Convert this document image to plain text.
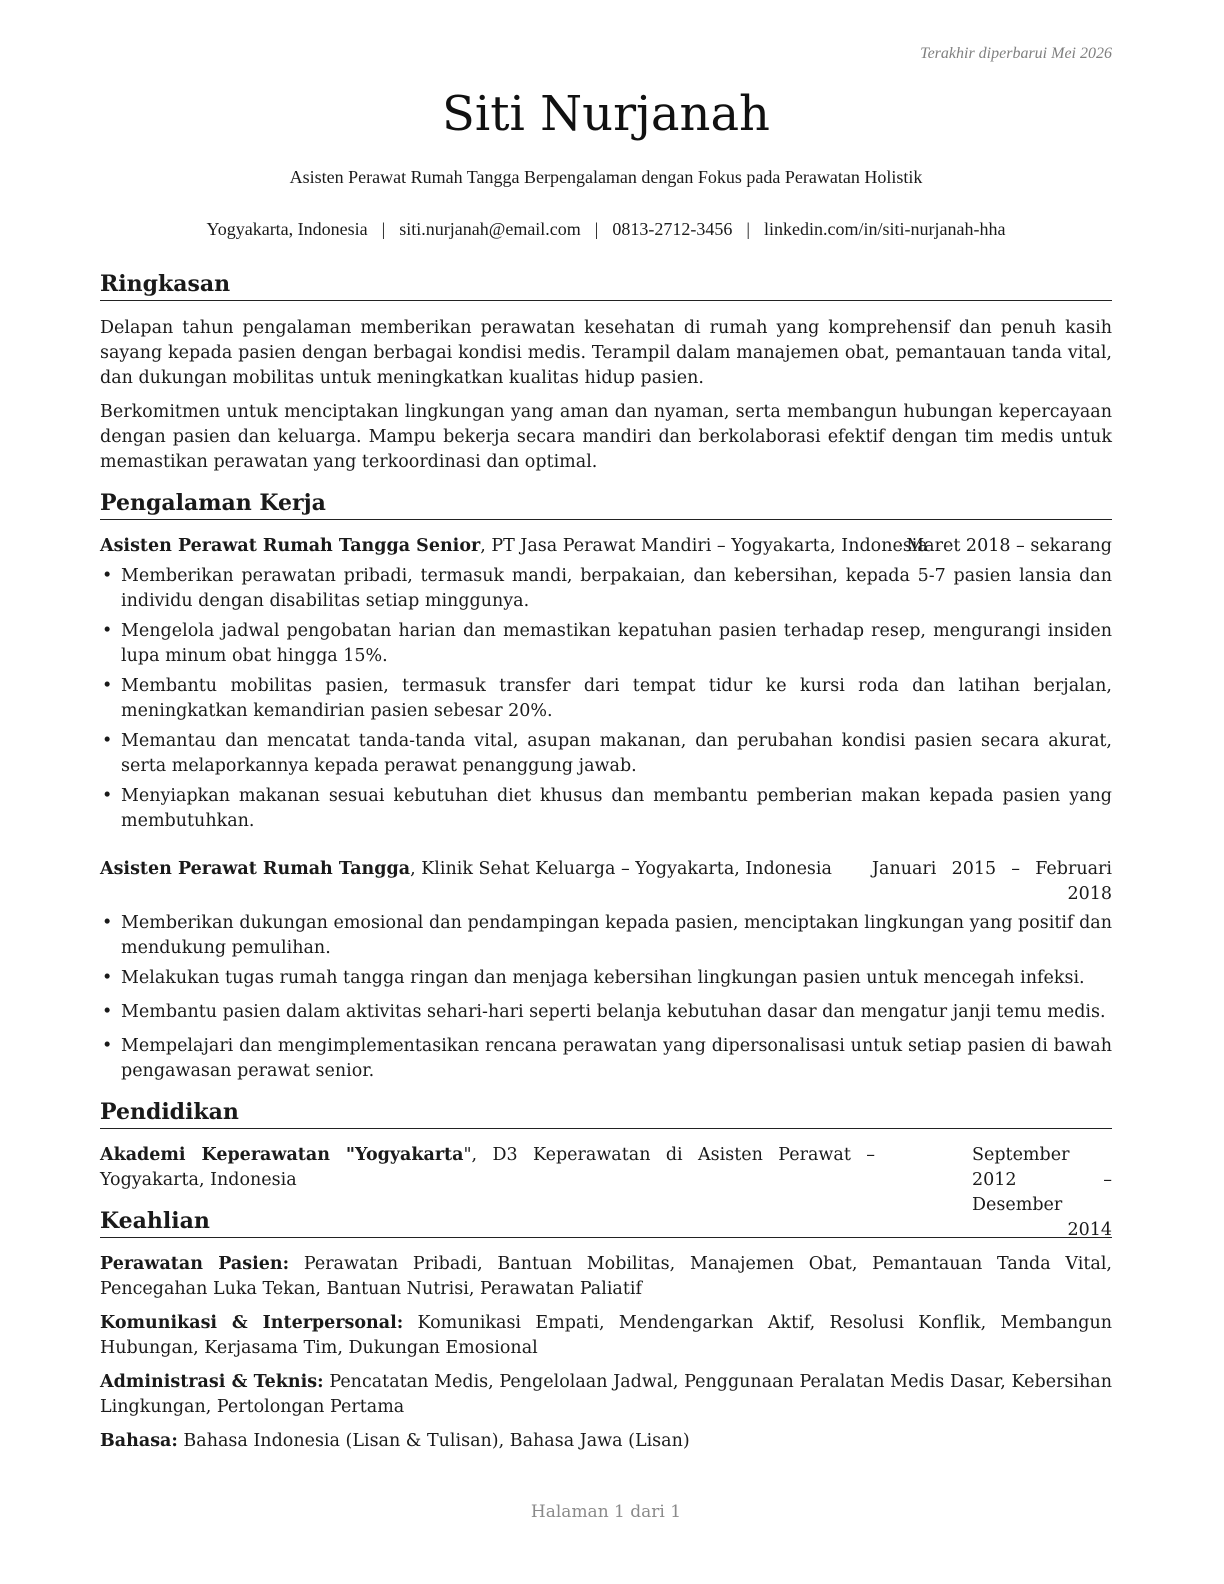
Terakhir diperbarui Mei 2026
Siti Nurjanah
Asisten Perawat Rumah Tangga Berpengalaman dengan Fokus pada Perawatan Holistik
Yogyakarta, Indonesia | siti.nurjanah@email.com | 0813-2712-3456 | linkedin.com/in/siti-nurjanah-hha
Ringkasan
Delapan tahun pengalaman memberikan perawatan kesehatan di rumah yang komprehensif dan penuh kasih sayang kepada pasien dengan berbagai kondisi medis. Terampil dalam manajemen obat, pemantauan tanda vital, dan dukungan mobilitas untuk meningkatkan kualitas hidup pasien.
Berkomitmen untuk menciptakan lingkungan yang aman dan nyaman, serta membangun hubungan kepercayaan dengan pasien dan keluarga. Mampu bekerja secara mandiri dan berkolaborasi efektif dengan tim medis untuk memastikan perawatan yang terkoordinasi dan optimal.
Pengalaman Kerja
Asisten Perawat Rumah Tangga Senior, PT Jasa Perawat Mandiri – Yogyakarta, Indonesia
Maret 2018 – sekarang
• Memberikan perawatan pribadi, termasuk mandi, berpakaian, dan kebersihan, kepada 5-7 pasien lansia dan individu dengan disabilitas setiap minggunya.
• Mengelola jadwal pengobatan harian dan memastikan kepatuhan pasien terhadap resep, mengurangi insiden lupa minum obat hingga 15%.
• Membantu mobilitas pasien, termasuk transfer dari tempat tidur ke kursi roda dan latihan berjalan, meningkatkan kemandirian pasien sebesar 20%.
• Memantau dan mencatat tanda-tanda vital, asupan makanan, dan perubahan kondisi pasien secara akurat, serta melaporkannya kepada perawat penanggung jawab.
• Menyiapkan makanan sesuai kebutuhan diet khusus dan membantu pemberian makan kepada pasien yang membutuhkan.
Asisten Perawat Rumah Tangga, Klinik Sehat Keluarga – Yogyakarta, Indonesia Januari 2015 – Februari 2018
• Memberikan dukungan emosional dan pendampingan kepada pasien, menciptakan lingkungan yang positif dan mendukung pemulihan.
• Melakukan tugas rumah tangga ringan dan menjaga kebersihan lingkungan pasien untuk mencegah infeksi.
• Membantu pasien dalam aktivitas sehari-hari seperti belanja kebutuhan dasar dan mengatur janji temu medis.
• Mempelajari dan mengimplementasikan rencana perawatan yang dipersonalisasi untuk setiap pasien di bawah pengawasan perawat senior.
Pendidikan
Akademi Keperawatan "Yogyakarta", D3 Keperawatan di Asisten Perawat – Yogyakarta, Indonesia
September 2012 – Desember 2014
Keahlian
Perawatan Pasien: Perawatan Pribadi, Bantuan Mobilitas, Manajemen Obat, Pemantauan Tanda Vital, Pencegahan Luka Tekan, Bantuan Nutrisi, Perawatan Paliatif
Komunikasi & Interpersonal: Komunikasi Empati, Mendengarkan Aktif, Resolusi Konflik, Membangun Hubungan, Kerjasama Tim, Dukungan Emosional
Administrasi & Teknis: Pencatatan Medis, Pengelolaan Jadwal, Penggunaan Peralatan Medis Dasar, Kebersihan Lingkungan, Pertolongan Pertama
Bahasa: Bahasa Indonesia (Lisan & Tulisan), Bahasa Jawa (Lisan)
Halaman 1 dari 1
